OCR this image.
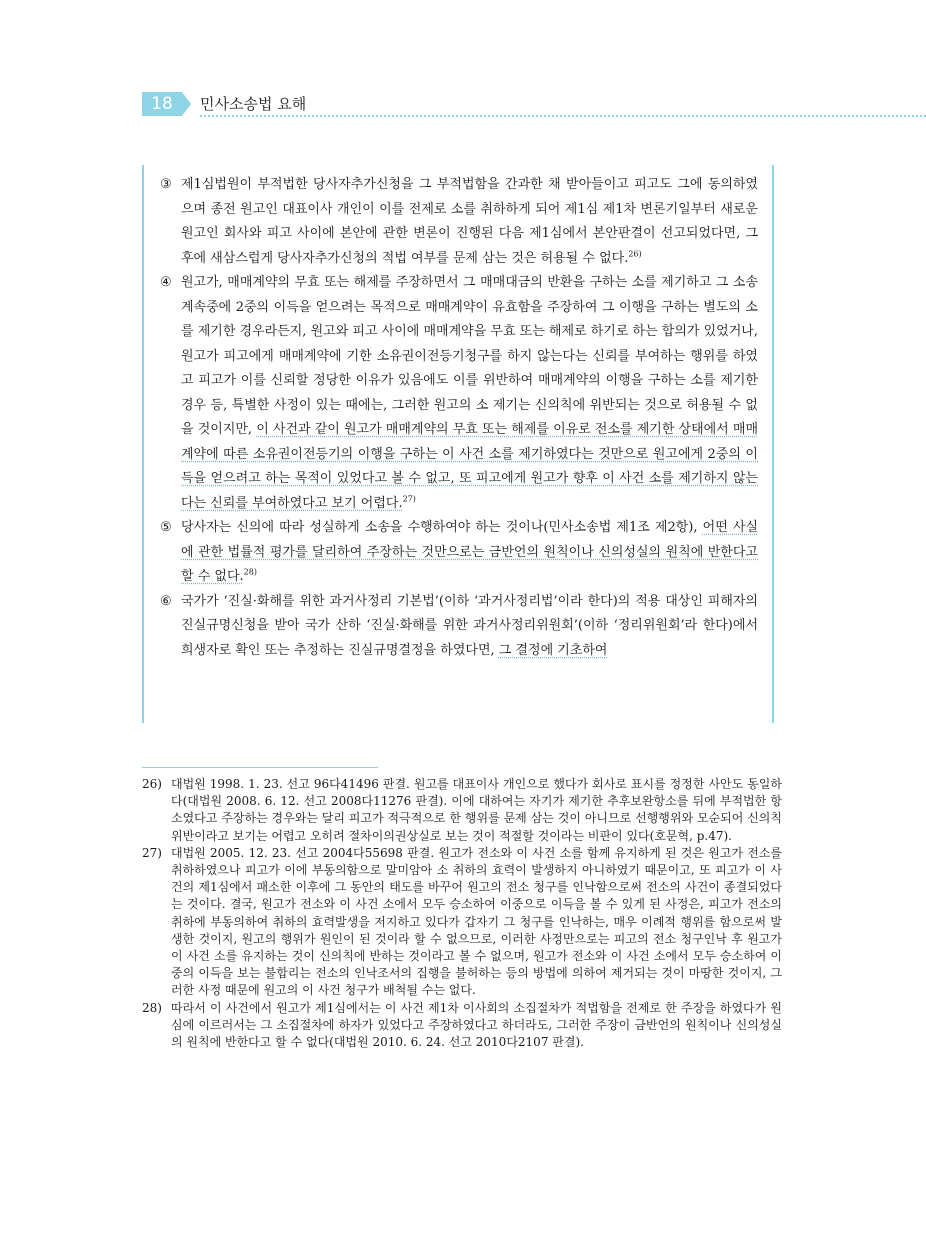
18	민사소송법 요해
③ 제1심법원이 부적법한 당사자추가신청을 그 부적법함을 간과한 채 받아들이고 피고도 그에 동의하였으며 종전 원고인 대표이사 개인이 이를 전제로 소를 취하하게 되어 제1심 제1차 변론기일부터 새로운 원고인 회사와 피고 사이에 본안에 관한 변론이 진행된 다음 제1심에서 본안판결이 선고되었다면, 그 후에 새삼스럽게 당사자추가신청의 적법 여부를 문제 삼는 것은 허용될 수 없다.$^{26)}$

④ 원고가, 매매계약의 무효 또는 해제를 주장하면서 그 매매대금의 반환을 구하는 소를 제기하고 그 소송계속중에 2중의 이득을 얻으려는 목적으로 매매계약이 유효함을 주장하여 그 이행을 구하는 별도의 소를 제기한 경우라든지, 원고와 피고 사이에 매매계약을 무효 또는 해제로 하기로 하는 합의가 있었거나, 원고가 피고에게 매매계약에 기한 소유권이전등기청구를 하지 않는다는 신뢰를 부여하는 행위를 하였고 피고가 이를 신뢰할 정당한 이유가 있음에도 이를 위반하여 매매계약의 이행을 구하는 소를 제기한 경우 등, 특별한 사정이 있는 때에는, 그러한 원고의 소 제기는 신의칙에 위반되는 것으로 허용될 수 없을 것이지만, 이 사건과 같이 원고가 매매계약의 무효 또는 해제를 이유로 전소를 제기한 상태에서 매매계약에 따른 소유권이전등기의 이행을 구하는 이 사건 소를 제기하였다는 것만으로 원고에게 2중의 이득을 얻으려고 하는 목적이 있었다고 볼 수 없고, 또 피고에게 원고가 향후 이 사건 소를 제기하지 않는다는 신뢰를 부여하였다고 보기 어렵다.$^{27)}$

⑤ 당사자는 신의에 따라 성실하게 소송을 수행하여야 하는 것이나(민사소송법 제1조 제2항), 어떤 사실에 관한 법률적 평가를 달리하여 주장하는 것만으로는 금반언의 원칙이나 신의성실의 원칙에 반한다고 할 수 없다.$^{28)}$

⑥ 국가가 ‘진실·화해를 위한 과거사정리 기본법’(이하 ‘과거사정리법’이라 한다)의 적용 대상인 피해자의 진실규명신청을 받아 국가 산하 ‘진실·화해를 위한 과거사정리위원회’(이하 ‘정리위원회’라 한다)에서 희생자로 확인 또는 추정하는 진실규명결정을 하였다면, 그 결정에 기초하여

26) 대법원 1998. 1. 23. 선고 96다41496 판결. 원고를 대표이사 개인으로 했다가 회사로 표시를 정정한 사안도 동일하다(대법원 2008. 6. 12. 선고 2008다11276 판결). 이에 대하여는 자기가 제기한 추후보완항소를 뒤에 부적법한 항소였다고 주장하는 경우와는 달리 피고가 적극적으로 한 행위를 문제 삼는 것이 아니므로 선행행위와 모순되어 신의칙위반이라고 보기는 어렵고 오히려 절차이의권상실로 보는 것이 적절할 것이라는 비판이 있다(호문혁, p.47).

27) 대법원 2005. 12. 23. 선고 2004다55698 판결. 원고가 전소와 이 사건 소를 함께 유지하게 된 것은 원고가 전소를 취하하였으나 피고가 이에 부동의함으로 말미암아 소 취하의 효력이 발생하지 아니하였기 때문이고, 또 피고가 이 사건의 제1심에서 패소한 이후에 그 동안의 태도를 바꾸어 원고의 전소 청구를 인낙함으로써 전소의 사건이 종결되었다는 것이다. 결국, 원고가 전소와 이 사건 소에서 모두 승소하여 이중으로 이득을 볼 수 있게 된 사정은, 피고가 전소의 취하에 부동의하여 취하의 효력발생을 저지하고 있다가 갑자기 그 청구를 인낙하는, 매우 이례적 행위를 함으로써 발생한 것이지, 원고의 행위가 원인이 된 것이라 할 수 없으므로, 이러한 사정만으로는 피고의 전소 청구인낙 후 원고가 이 사건 소를 유지하는 것이 신의칙에 반하는 것이라고 볼 수 없으며, 원고가 전소와 이 사건 소에서 모두 승소하여 이중의 이득을 보는 불합리는 전소의 인낙조서의 집행을 불허하는 등의 방법에 의하여 제거되는 것이 마땅한 것이지, 그러한 사정 때문에 원고의 이 사건 청구가 배척될 수는 없다.

28) 따라서 이 사건에서 원고가 제1심에서는 이 사건 제1차 이사회의 소집절차가 적법함을 전제로 한 주장을 하였다가 원심에 이르러서는 그 소집절차에 하자가 있었다고 주장하였다고 하더라도, 그러한 주장이 금반언의 원칙이나 신의성실의 원칙에 반한다고 할 수 없다(대법원 2010. 6. 24. 선고 2010다2107 판결).
